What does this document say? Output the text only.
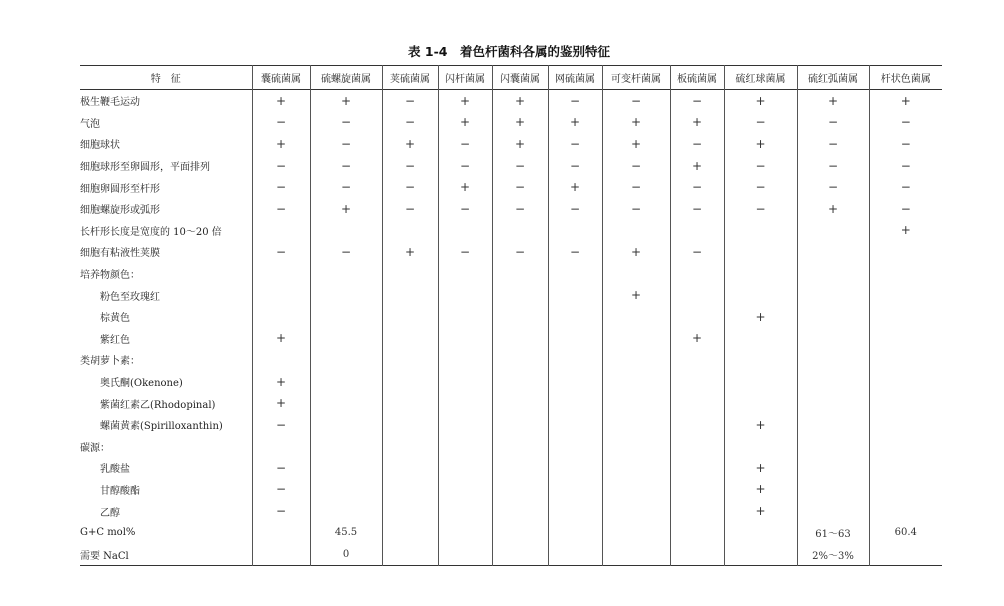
表 1-4　着色杆菌科各属的鉴别特征
特　征	囊硫菌属	硫螺旋菌属	荚硫菌属	闪杆菌属	闪囊菌属	网硫菌属	可变杆菌属	板硫菌属	硫红球菌属	硫红弧菌属	杆状色菌属
极生鞭毛运动	+	+	−	+	+	−	−	−	+	+	+
气泡	−	−	−	+	+	+	+	+	−	−	−
细胞球状	+	−	+	−	+	−	+	−	+	−	−
细胞球形至卵圆形，平面排列	−	−	−	−	−	−	−	+	−	−	−
细胞卵圆形至杆形	−	−	−	+	−	+	−	−	−	−	−
细胞螺旋形或弧形	−	+	−	−	−	−	−	−	−	+	−
长杆形长度是宽度的 10～20 倍											+
细胞有粘液性荚膜	−	−	+	−	−	−	+	−			
培养物颜色：											
粉色至玫瑰红							+				
棕黄色									+		
紫红色	+							+			
类胡萝卜素：											
奥氏酮(Okenone)	+										
紫菌红素乙(Rhodopinal)	+										
螺菌黄素(Spirilloxanthin)	−								+		
碳源：											
乳酸盐	−								+		
甘醇酸酯	−								+		
乙醇	−								+		
G+C mol%		45.5								61～63	60.4
需要 NaCl		0								2%～3%	
